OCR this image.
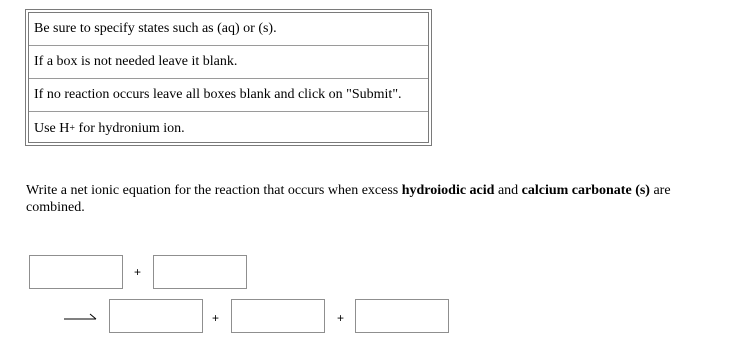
Be sure to specify states such as (aq) or (s).
If a box is not needed leave it blank.
If no reaction occurs leave all boxes blank and click on "Submit".
Use H + for hydronium ion.
Write a net ionic equation for the reaction that occurs when excess hydroiodic acid and calcium carbonate (s) are combined.
+
+	+
